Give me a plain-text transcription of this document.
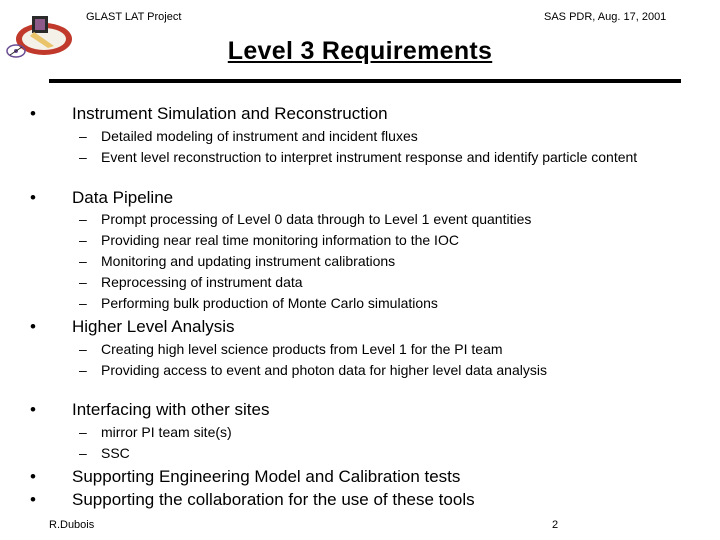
GLAST LAT Project	SAS PDR, Aug. 17, 2001
Level 3 Requirements
• Instrument Simulation and Reconstruction
– Detailed modeling of instrument and incident fluxes
– Event level reconstruction to interpret instrument response and identify particle content
• Data Pipeline
– Prompt processing of Level 0 data through to Level 1 event quantities
– Providing near real time monitoring information to the IOC
– Monitoring and updating instrument calibrations
– Reprocessing of instrument data
– Performing bulk production of Monte Carlo simulations
• Higher Level Analysis
– Creating high level science products from Level 1 for the PI team
– Providing access to event and photon data for higher level data analysis
• Interfacing with other sites
– mirror PI team site(s)
– SSC
• Supporting Engineering Model and Calibration tests
• Supporting the collaboration for the use of these tools
R.Dubois	2
